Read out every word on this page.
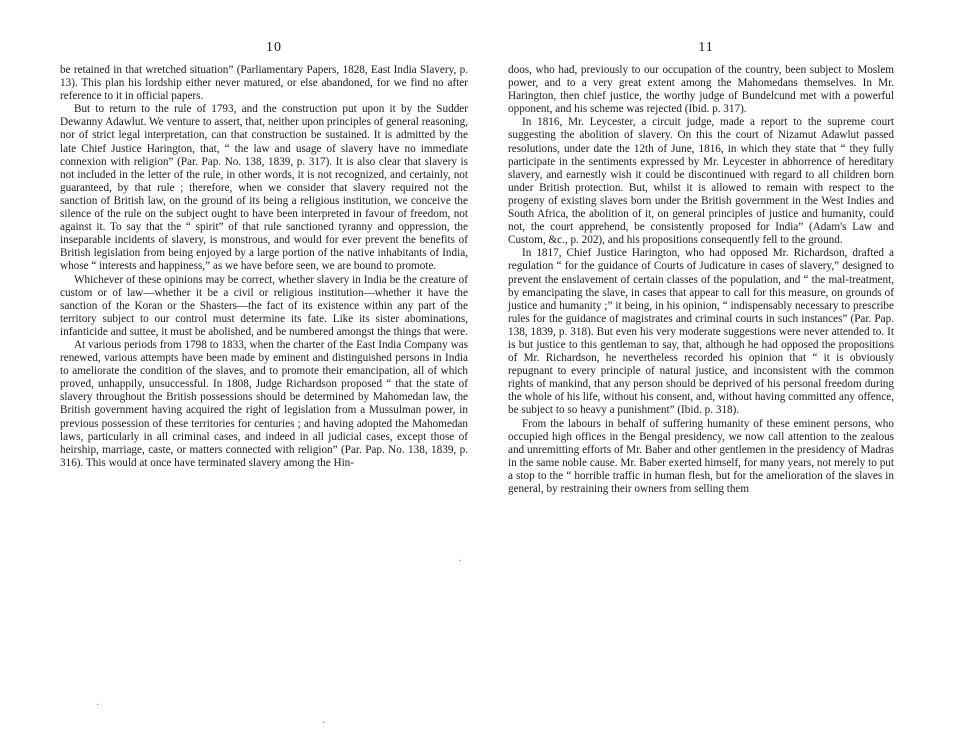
10

be retained in that wretched situation” (Parliamentary Papers, 1828, East India Slavery, p. 13). This plan his lordship either never matured, or else abandoned, for we find no after reference to it in official papers.

But to return to the rule of 1793, and the construction put upon it by the Sudder Dewanny Adawlut. We venture to assert, that, neither upon principles of general reasoning, nor of strict legal interpretation, can that construction be sustained. It is admitted by the late Chief Justice Harington, that, “ the law and usage of slavery have no immediate connexion with religion” (Par. Pap. No. 138, 1839, p. 317). It is also clear that slavery is not included in the letter of the rule, in other words, it is not recognized, and certainly, not guaranteed, by that rule ; therefore, when we consider that slavery required not the sanction of British law, on the ground of its being a religious institution, we conceive the silence of the rule on the subject ought to have been interpreted in favour of freedom, not against it. To say that the “ spirit” of that rule sanctioned tyranny and oppression, the inseparable incidents of slavery, is monstrous, and would for ever prevent the benefits of British legislation from being enjoyed by a large portion of the native inhabitants of India, whose “ interests and happiness,” as we have before seen, we are bound to promote.

Whichever of these opinions may be correct, whether slavery in India be the creature of custom or of law—whether it be a civil or religious institution—whether it have the sanction of the Koran or the Shasters—the fact of its existence within any part of the territory subject to our control must determine its fate. Like its sister abominations, infanticide and suttee, it must be abolished, and be numbered amongst the things that were.

At various periods from 1798 to 1833, when the charter of the East India Company was renewed, various attempts have been made by eminent and distinguished persons in India to ameliorate the condition of the slaves, and to promote their emancipation, all of which proved, unhappily, unsuccessful. In 1808, Judge Richardson proposed “ that the state of slavery throughout the British possessions should be determined by Mahomedan law, the British government having acquired the right of legislation from a Mussulman power, in previous possession of these territories for centuries ; and having adopted the Mahomedan laws, particularly in all criminal cases, and indeed in all judicial cases, except those of heirship, marriage, caste, or matters connected with religion” (Par. Pap. No. 138, 1839, p. 316). This would at once have terminated slavery among the Hin-

11

doos, who had, previously to our occupation of the country, been subject to Moslem power, and to a very great extent among the Mahomedans themselves. In Mr. Harington, then chief justice, the worthy judge of Bundelcund met with a powerful opponent, and his scheme was rejected (Ibid. p. 317).

In 1816, Mr. Leycester, a circuit judge, made a report to the supreme court suggesting the abolition of slavery. On this the court of Nizamut Adawlut passed resolutions, under date the 12th of June, 1816, in which they state that “ they fully participate in the sentiments expressed by Mr. Leycester in abhorrence of hereditary slavery, and earnestly wish it could be discontinued with regard to all children born under British protection. But, whilst it is allowed to remain with respect to the progeny of existing slaves born under the British government in the West Indies and South Africa, the abolition of it, on general principles of justice and humanity, could not, the court apprehend, be consistently proposed for India” (Adam's Law and Custom, &c., p. 202), and his propositions consequently fell to the ground.

In 1817, Chief Justice Harington, who had opposed Mr. Richardson, drafted a regulation “ for the guidance of Courts of Judicature in cases of slavery,” designed to prevent the enslavement of certain classes of the population, and “ the mal-treatment, by emancipating the slave, in cases that appear to call for this measure, on grounds of justice and humanity ;” it being, in his opinion, “ indispensably necessary to prescribe rules for the guidance of magistrates and criminal courts in such instances” (Par. Pap. 138, 1839, p. 318). But even his very moderate suggestions were never attended to. It is but justice to this gentleman to say, that, although he had opposed the propositions of Mr. Richardson, he nevertheless recorded his opinion that “ it is obviously repugnant to every principle of natural justice, and inconsistent with the common rights of mankind, that any person should be deprived of his personal freedom during the whole of his life, without his consent, and, without having committed any offence, be subject to so heavy a punishment” (Ibid. p. 318).

From the labours in behalf of suffering humanity of these eminent persons, who occupied high offices in the Bengal presidency, we now call attention to the zealous and unremitting efforts of Mr. Baber and other gentlemen in the presidency of Madras in the same noble cause. Mr. Baber exerted himself, for many years, not merely to put a stop to the “ horrible traffic in human flesh, but for the amelioration of the slaves in general, by restraining their owners from selling them

·
·
·
